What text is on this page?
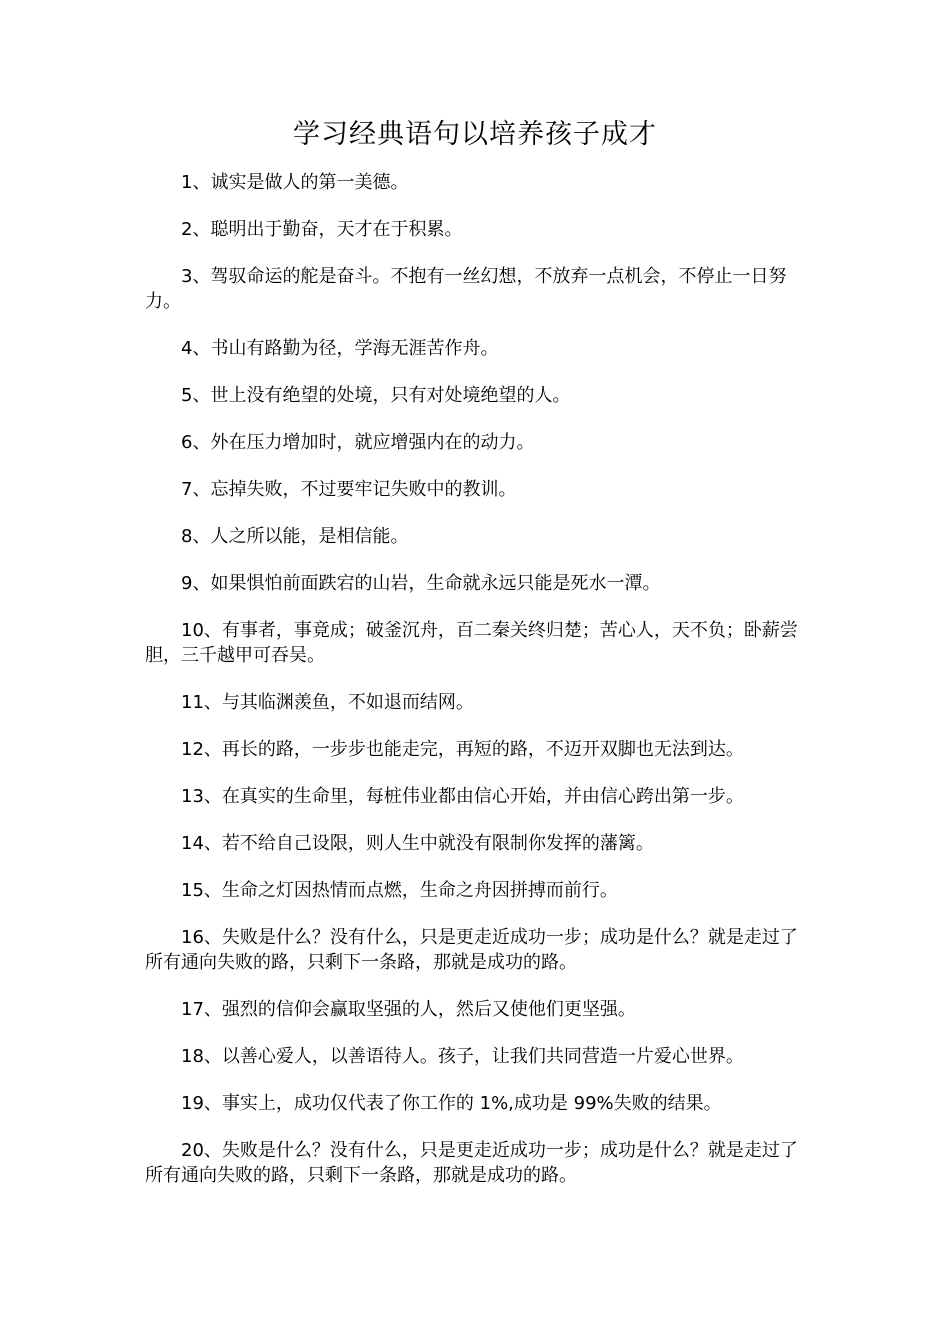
学习经典语句以培养孩子成才

1、诚实是做人的第一美德。

2、聪明出于勤奋，天才在于积累。

3、驾驭命运的舵是奋斗。不抱有一丝幻想，不放弃一点机会，不停止一日努力。

4、书山有路勤为径，学海无涯苦作舟。

5、世上没有绝望的处境，只有对处境绝望的人。

6、外在压力增加时，就应增强内在的动力。

7、忘掉失败，不过要牢记失败中的教训。

8、人之所以能，是相信能。

9、如果惧怕前面跌宕的山岩，生命就永远只能是死水一潭。

10、有事者，事竟成；破釜沉舟，百二秦关终归楚；苦心人，天不负；卧薪尝胆，三千越甲可吞吴。

11、与其临渊羡鱼，不如退而结网。

12、再长的路，一步步也能走完，再短的路，不迈开双脚也无法到达。

13、在真实的生命里，每桩伟业都由信心开始，并由信心跨出第一步。

14、若不给自己设限，则人生中就没有限制你发挥的藩篱。

15、生命之灯因热情而点燃，生命之舟因拼搏而前行。

16、失败是什么？没有什么，只是更走近成功一步；成功是什么？就是走过了所有通向失败的路，只剩下一条路，那就是成功的路。

17、强烈的信仰会赢取坚强的人，然后又使他们更坚强。

18、以善心爱人，以善语待人。孩子，让我们共同营造一片爱心世界。

19、事实上，成功仅代表了你工作的 1%,成功是 99%失败的结果。

20、失败是什么？没有什么，只是更走近成功一步；成功是什么？就是走过了所有通向失败的路，只剩下一条路，那就是成功的路。
